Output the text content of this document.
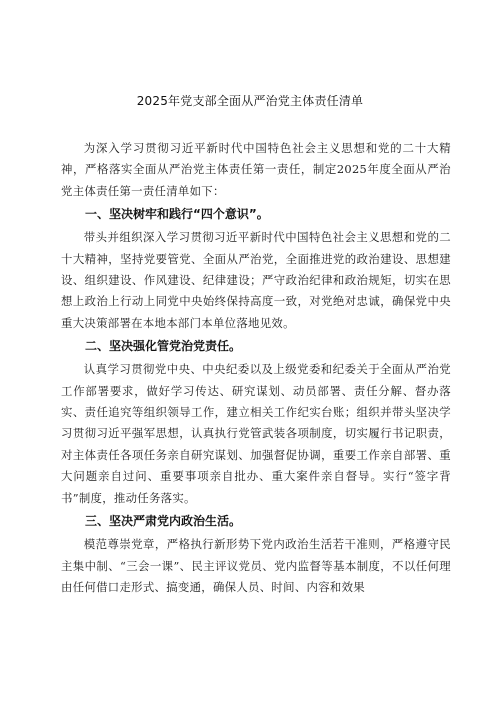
2025年党支部全面从严治党主体责任清单

为深入学习贯彻习近平新时代中国特色社会主义思想和党的二十大精神，严格落实全面从严治党主体责任第一责任，制定2025年度全面从严治党主体责任第一责任清单如下：

一、坚决树牢和践行“四个意识”。

带头并组织深入学习贯彻习近平新时代中国特色社会主义思想和党的二十大精神，坚持党要管党、全面从严治党，全面推进党的政治建设、思想建设、组织建设、作风建设、纪律建设；严守政治纪律和政治规矩，切实在思想上政治上行动上同党中央始终保持高度一致，对党绝对忠诚，确保党中央重大决策部署在本地本部门本单位落地见效。

二、坚决强化管党治党责任。

认真学习贯彻党中央、中央纪委以及上级党委和纪委关于全面从严治党工作部署要求，做好学习传达、研究谋划、动员部署、责任分解、督办落实、责任追究等组织领导工作，建立相关工作纪实台账；组织并带头坚决学习贯彻习近平强军思想，认真执行党管武装各项制度，切实履行书记职责，对主体责任各项任务亲自研究谋划、加强督促协调，重要工作亲自部署、重大问题亲自过问、重要事项亲自批办、重大案件亲自督导。实行“签字背书”制度，推动任务落实。

三、坚决严肃党内政治生活。

模范尊崇党章，严格执行新形势下党内政治生活若干准则，严格遵守民主集中制、“三会一课”、民主评议党员、党内监督等基本制度，不以任何理由任何借口走形式、搞变通，确保人员、时间、内容和效果
